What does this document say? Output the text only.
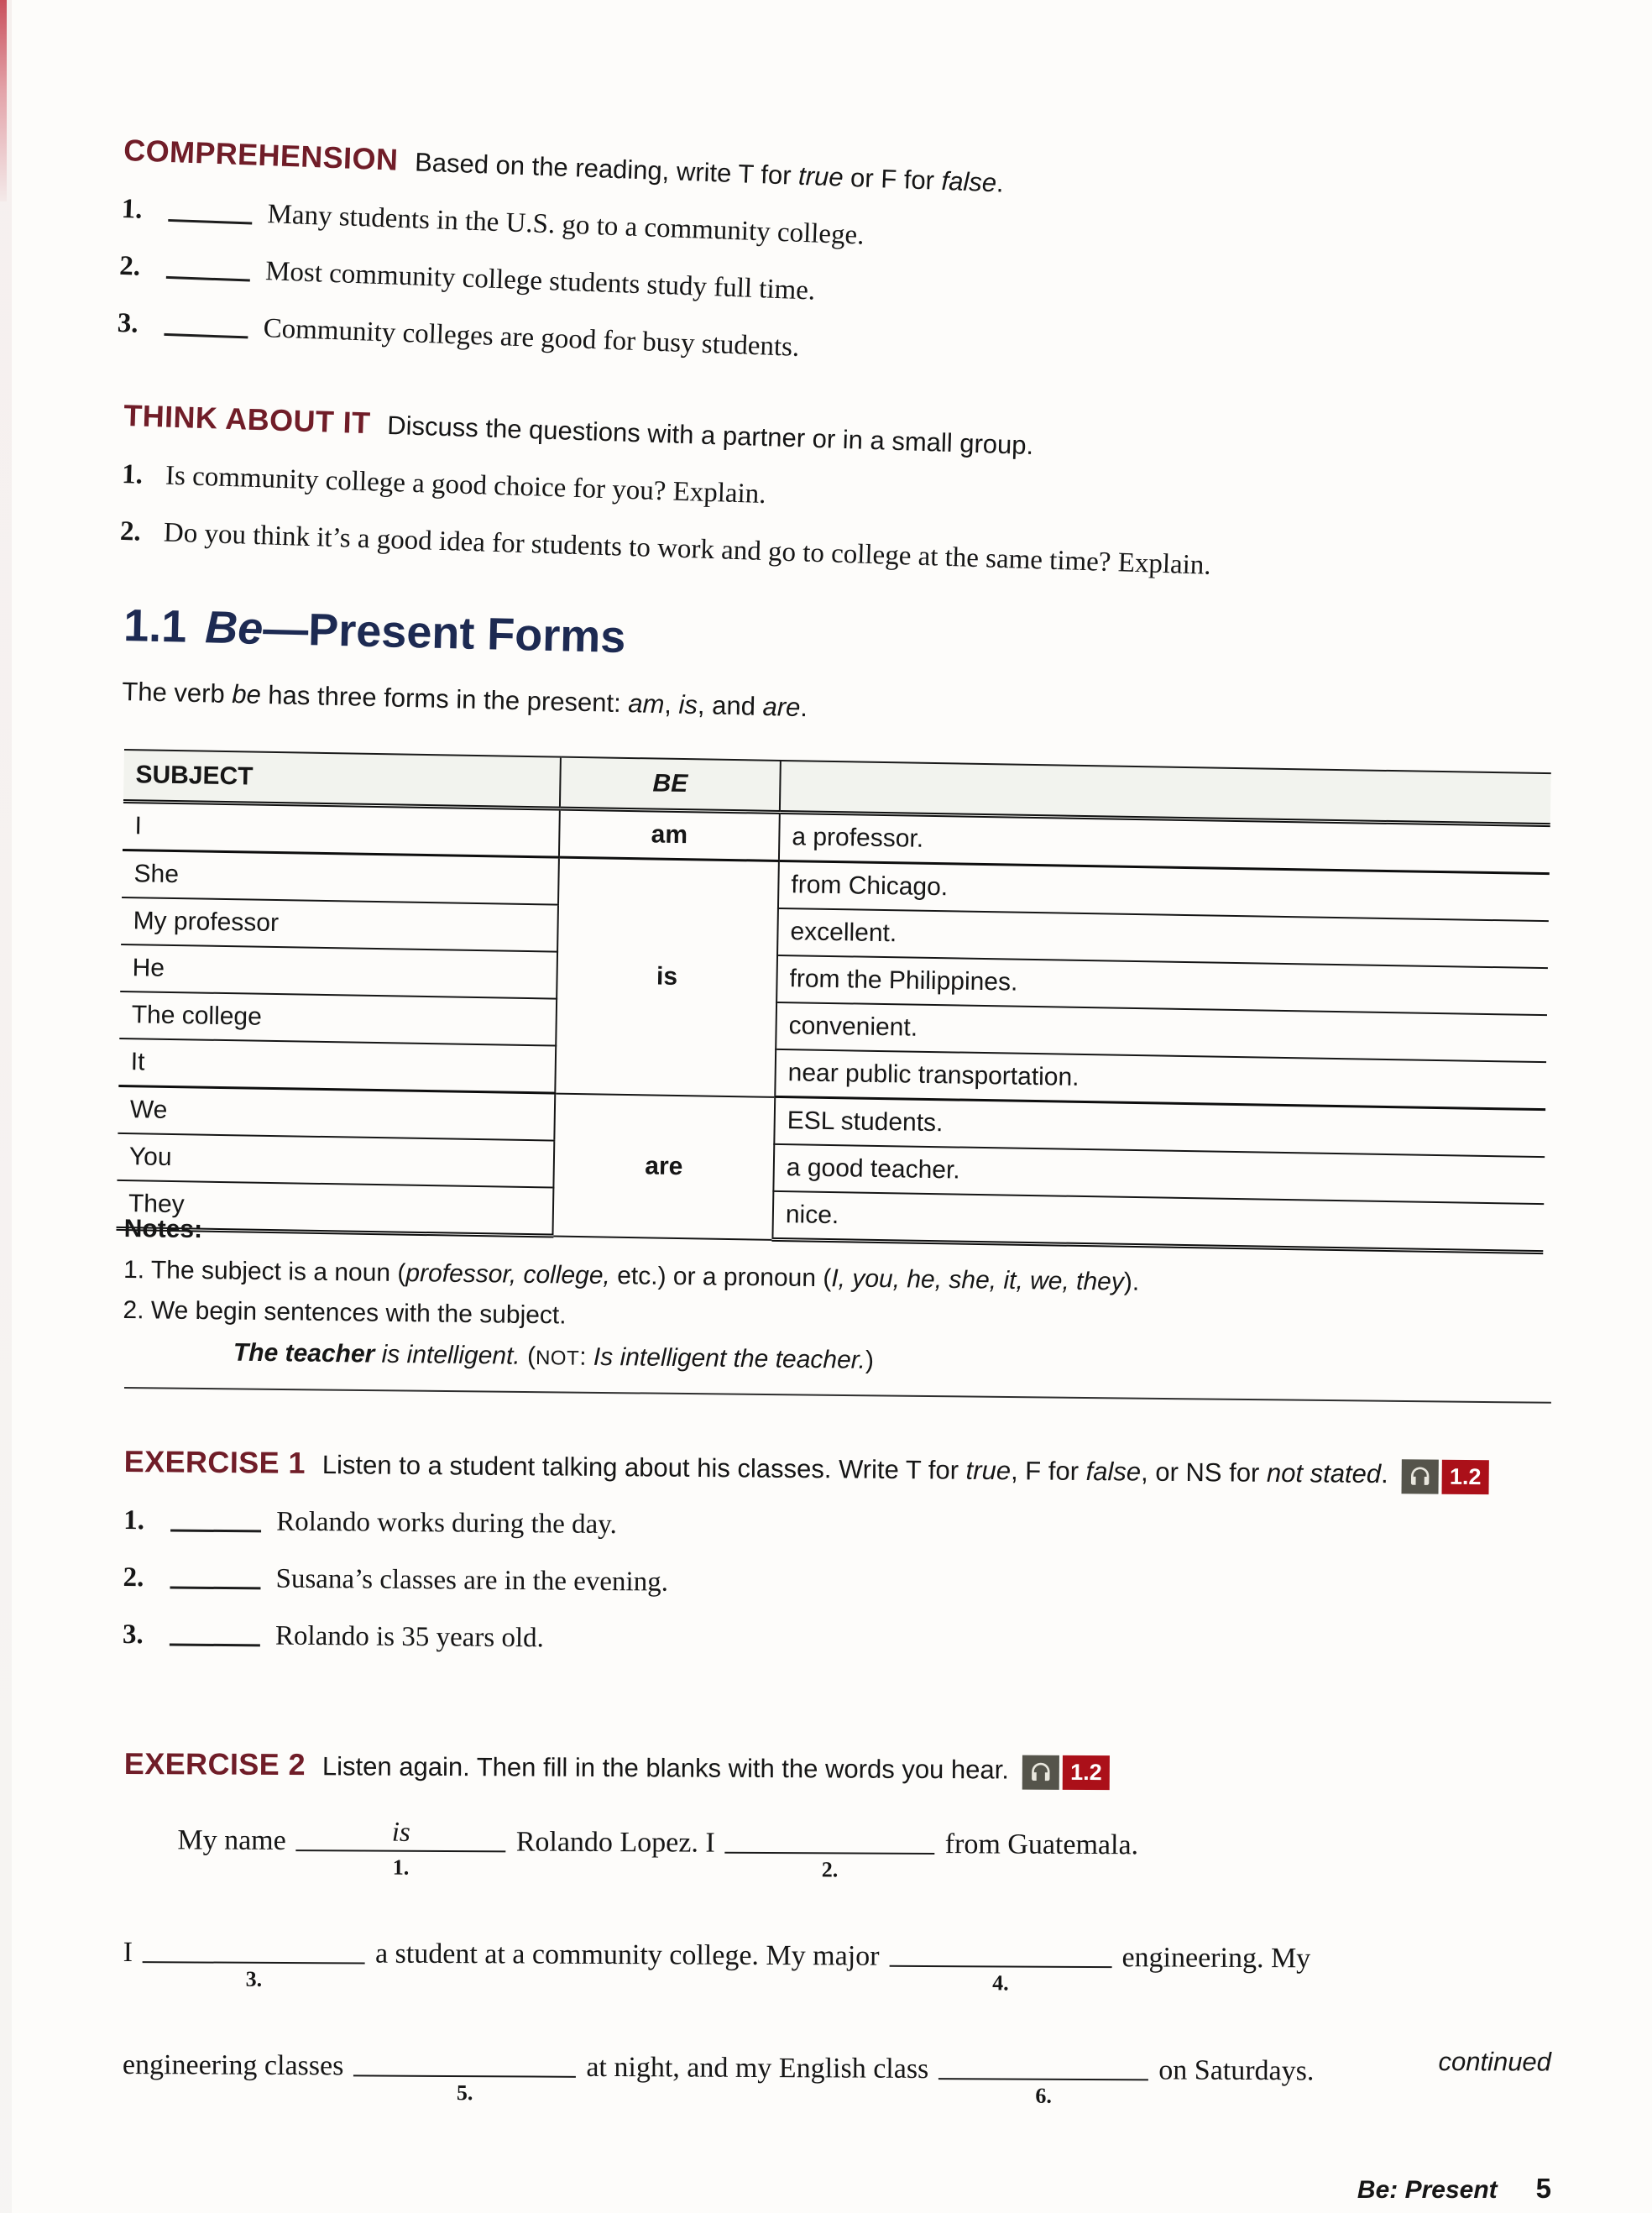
COMPREHENSION Based on the reading, write T for true or F for false.
1.	Many students in the U.S. go to a community college.
2.	Most community college students study full time.
3.	Community colleges are good for busy students.
THINK ABOUT IT Discuss the questions with a partner or in a small group.
1. Is community college a good choice for you? Explain.
2. Do you think it’s a good idea for students to work and go to college at the same time? Explain.
1.1 Be—Present Forms
The verb be has three forms in the present: am, is, and are.
SUBJECT	BE	
I	am	a professor.
She	is	from Chicago.
My professor		excellent.
He		from the Philippines.
The college		convenient.
It		near public transportation.
We	are	ESL students.
You		a good teacher.
They		nice.
Notes:
1. The subject is a noun (professor, college, etc.) or a pronoun (I, you, he, she, it, we, they).
2. We begin sentences with the subject.
The teacher is intelligent. (NOT: Is intelligent the teacher.)
EXERCISE 1 Listen to a student talking about his classes. Write T for true, F for false, or NS for not stated.	1.2
1.	Rolando works during the day.
2.	Susana’s classes are in the evening.
3.	Rolando is 35 years old.
EXERCISE 2 Listen again. Then fill in the blanks with the words you hear.	1.2
My name	is
1.
Rolando Lopez. I
2.
from Guatemala.
I
3.
a student at a community college. My major
4.
engineering. My
engineering classes
5.
at night, and my English class
6.
on Saturdays.	continued
Be: Present 5
